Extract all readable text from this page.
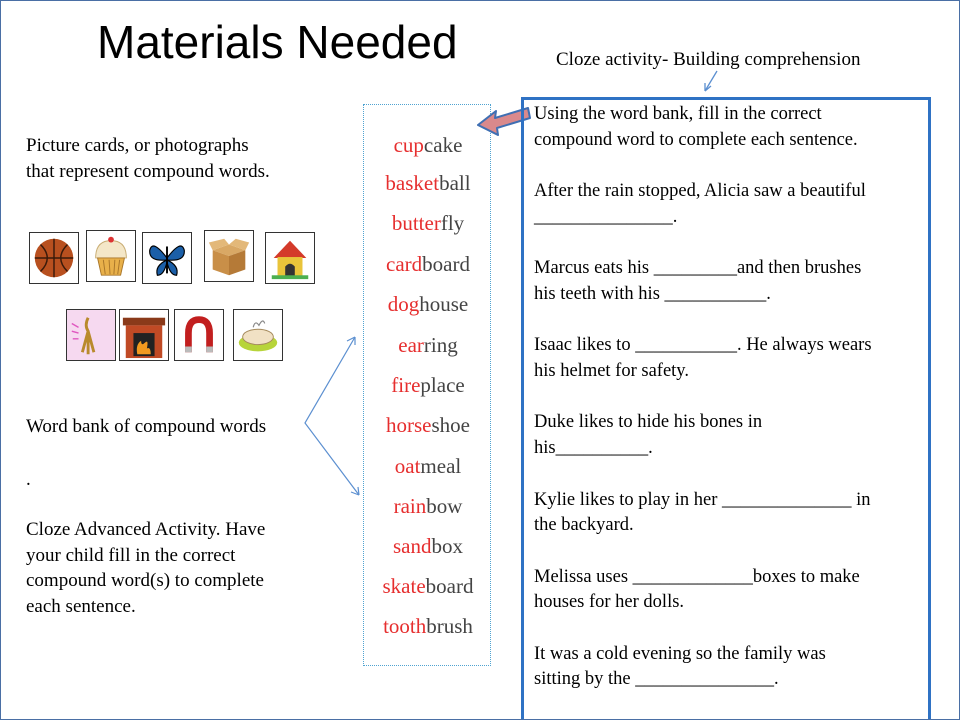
Materials Needed	Cloze activity- Building comprehension
Picture cards, or photographs
that represent compound words.
Word bank of compound words
.
Cloze Advanced Activity. Have
your child fill in the correct
compound word(s) to complete
each sentence.
cupcake
basketball
butterfly
cardboard
doghouse
earring
fireplace
horseshoe
oatmeal
rainbow
sandbox
skateboard
toothbrush
Using the word bank, fill in the correct
compound word to complete each sentence.
After the rain stopped, Alicia saw a beautiful
_______________.
Marcus eats his _________and then brushes
his teeth with his ___________.
Isaac likes to ___________. He always wears
his helmet for safety.
Duke likes to hide his bones in
his__________.
Kylie likes to play in her ______________ in
the backyard.
Melissa uses _____________boxes to make
houses for her dolls.
It was a cold evening so the family was
sitting by the _______________.
